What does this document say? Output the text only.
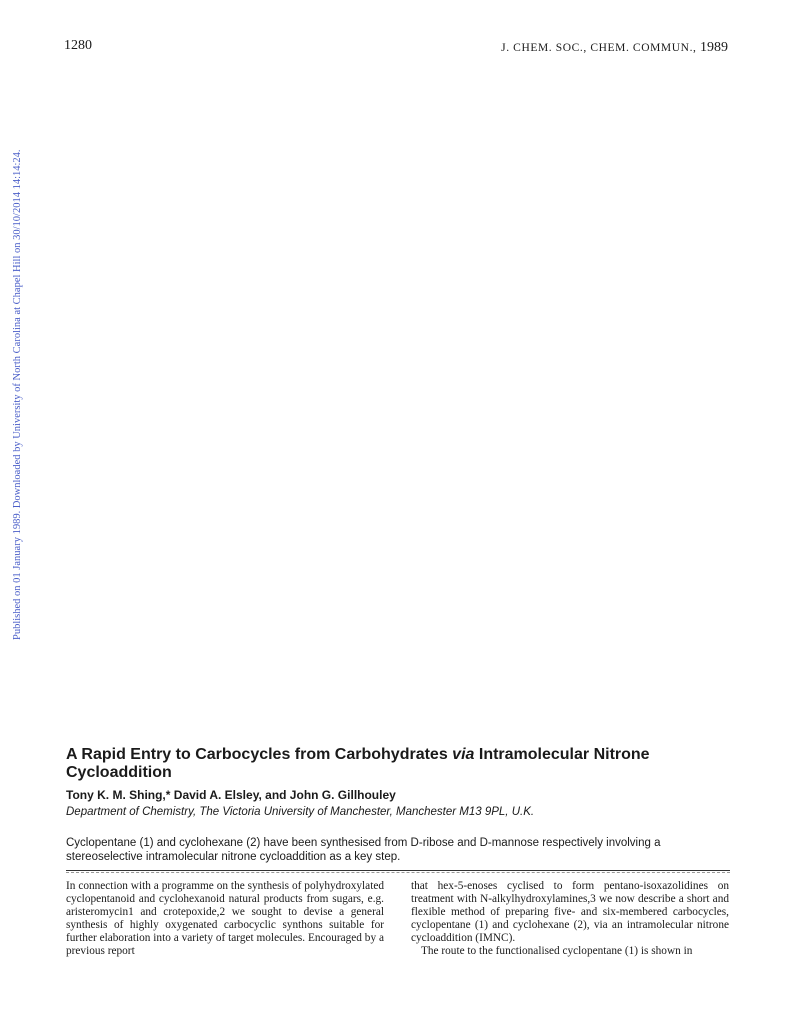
1280	J. CHEM. SOC., CHEM. COMMUN., 1989
Published on 01 January 1989. Downloaded by University of North Carolina at Chapel Hill on 30/10/2014 14:14:24.
A Rapid Entry to Carbocycles from Carbohydrates via Intramolecular Nitrone Cycloaddition
Tony K. M. Shing,* David A. Elsley, and John G. Gillhouley
Department of Chemistry, The Victoria University of Manchester, Manchester M13 9PL, U.K.
Cyclopentane (1) and cyclohexane (2) have been synthesised from D-ribose and D-mannose respectively involving a stereoselective intramolecular nitrone cycloaddition as a key step.

In connection with a programme on the synthesis of polyhydroxylated cyclopentanoid and cyclohexanoid natural products from sugars, e.g. aristeromycin1 and crotepoxide,2 we sought to devise a general synthesis of highly oxygenated carbocyclic synthons suitable for further elaboration into a variety of target molecules. Encouraged by a previous report

that hex-5-enoses cyclised to form pentano-isoxazolidines on treatment with N-alkylhydroxylamines,3 we now describe a short and flexible method of preparing five- and six-membered carbocycles, cyclopentane (1) and cyclohexane (2), via an intramolecular nitrone cycloaddition (IMNC).

The route to the functionalised cyclopentane (1) is shown in
